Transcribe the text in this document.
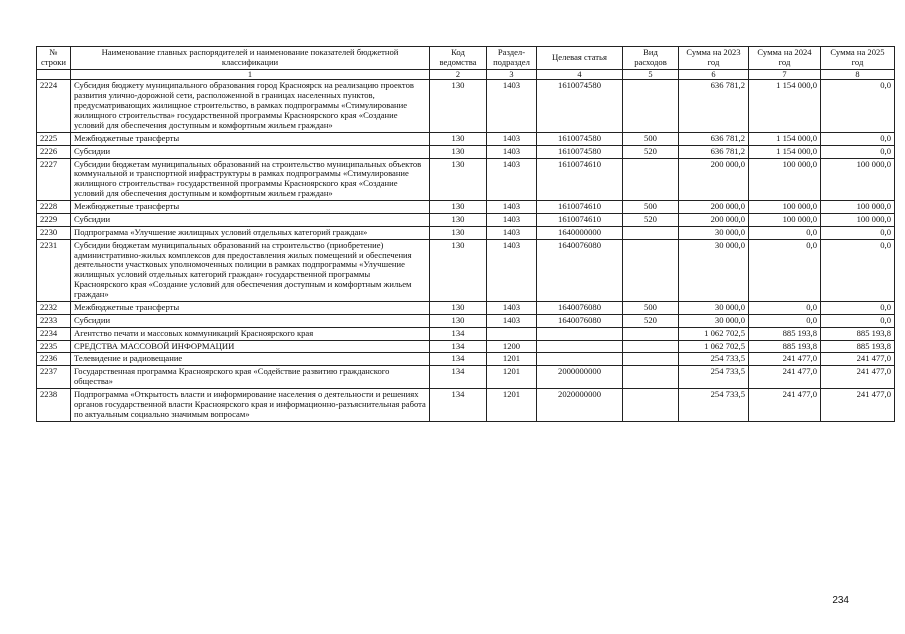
№ строки	Наименование главных распорядителей и наименование показателей бюджетной классификации	Код ведомства	Раздел-подраздел	Целевая статья	Вид расходов	Сумма на 2023 год	Сумма на 2024 год	Сумма на 2025 год
	1	2	3	4	5	6	7	8
2224	Субсидия бюджету муниципального образования город Красноярск на реализацию проектов развития улично-дорожной сети, расположенной в границах населенных пунктов, предусматривающих жилищное строительство, в рамках подпрограммы «Стимулирование жилищного строительства» государственной программы Красноярского края «Создание условий для обеспечения доступным и комфортным жильем граждан»	130	1403	1610074580		636 781,2	1 154 000,0	0,0
2225	Межбюджетные трансферты	130	1403	1610074580	500	636 781,2	1 154 000,0	0,0
2226	Субсидии	130	1403	1610074580	520	636 781,2	1 154 000,0	0,0
2227	Субсидии бюджетам муниципальных образований на строительство муниципальных объектов коммунальной и транспортной инфраструктуры в рамках подпрограммы «Стимулирование жилищного строительства» государственной программы Красноярского края «Создание условий для обеспечения доступным и комфортным жильем граждан»	130	1403	1610074610		200 000,0	100 000,0	100 000,0
2228	Межбюджетные трансферты	130	1403	1610074610	500	200 000,0	100 000,0	100 000,0
2229	Субсидии	130	1403	1610074610	520	200 000,0	100 000,0	100 000,0
2230	Подпрограмма «Улучшение жилищных условий отдельных категорий граждан»	130	1403	1640000000		30 000,0	0,0	0,0
2231	Субсидии бюджетам муниципальных образований на строительство (приобретение) административно-жилых комплексов для предоставления жилых помещений и обеспечения деятельности участковых уполномоченных полиции в рамках подпрограммы «Улучшение жилищных условий отдельных категорий граждан» государственной программы Красноярского края «Создание условий для обеспечения доступным и комфортным жильем граждан»	130	1403	1640076080		30 000,0	0,0	0,0
2232	Межбюджетные трансферты	130	1403	1640076080	500	30 000,0	0,0	0,0
2233	Субсидии	130	1403	1640076080	520	30 000,0	0,0	0,0
2234	Агентство печати и массовых коммуникаций Красноярского края	134				1 062 702,5	885 193,8	885 193,8
2235	СРЕДСТВА МАССОВОЙ ИНФОРМАЦИИ	134	1200			1 062 702,5	885 193,8	885 193,8
2236	Телевидение и радиовещание	134	1201			254 733,5	241 477,0	241 477,0
2237	Государственная программа Красноярского края «Содействие развитию гражданского общества»	134	1201	2000000000		254 733,5	241 477,0	241 477,0
2238	Подпрограмма «Открытость власти и информирование населения о деятельности и решениях органов государственной власти Красноярского края и информационно-разъяснительная работа по актуальным социально значимым вопросам»	134	1201	2020000000		254 733,5	241 477,0	241 477,0
234
